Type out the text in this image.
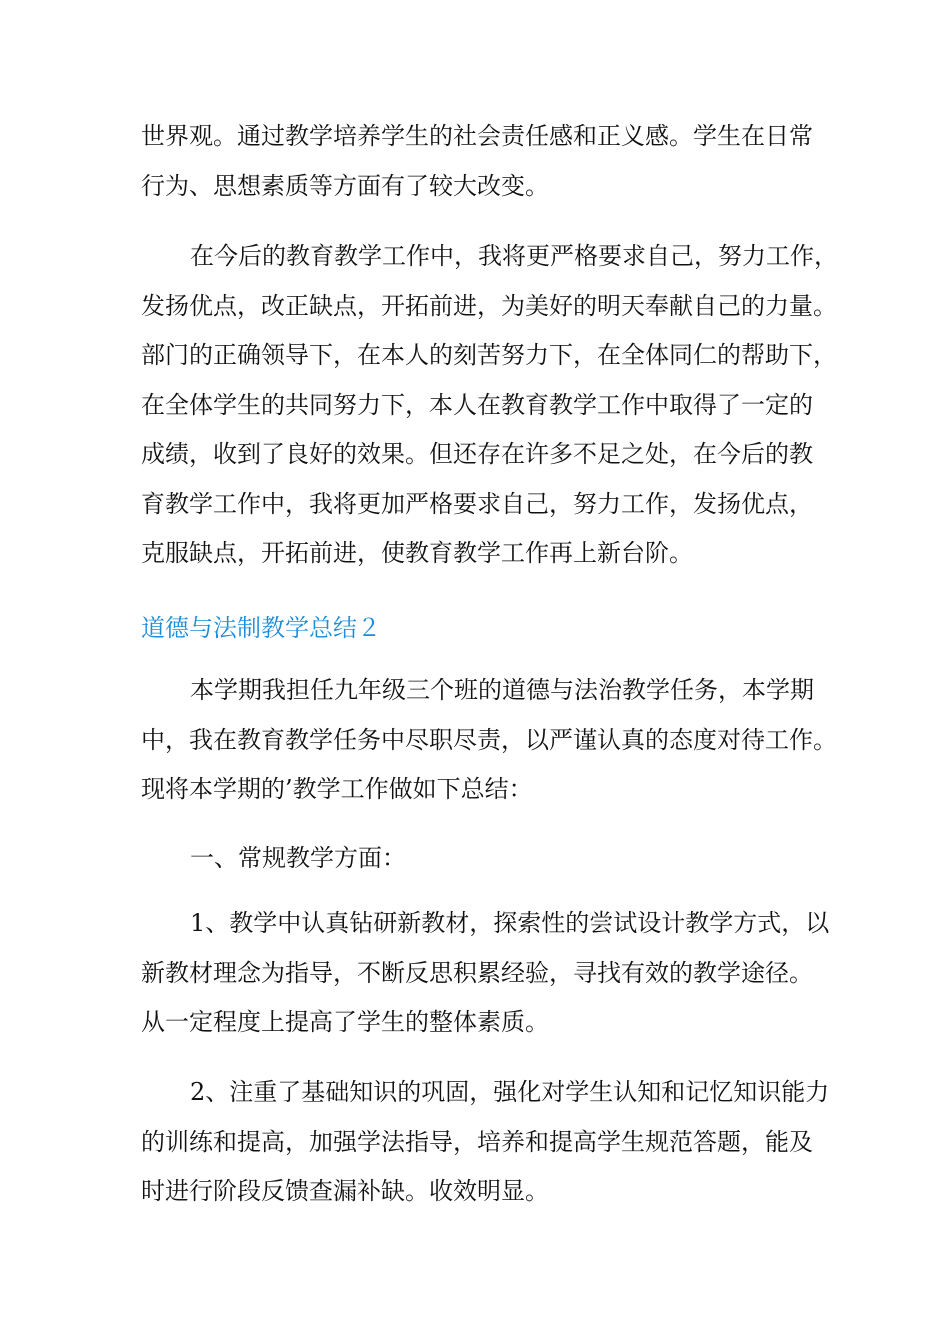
世界观。通过教学培养学生的社会责任感和正义感。学生在日常
行为、思想素质等方面有了较大改变。
在今后的教育教学工作中，我将更严格要求自己，努力工作，
发扬优点，改正缺点，开拓前进，为美好的明天奉献自己的力量。
部门的正确领导下，在本人的刻苦努力下，在全体同仁的帮助下，
在全体学生的共同努力下，本人在教育教学工作中取得了一定的
成绩，收到了良好的效果。但还存在许多不足之处，在今后的教
育教学工作中，我将更加严格要求自己，努力工作，发扬优点，
克服缺点，开拓前进，使教育教学工作再上新台阶。
道德与法制教学总结２
本学期我担任九年级三个班的道德与法治教学任务，本学期
中，我在教育教学任务中尽职尽责，以严谨认真的态度对待工作。
现将本学期的’教学工作做如下总结：
一、常规教学方面：
1、教学中认真钻研新教材，探索性的尝试设计教学方式，以
新教材理念为指导，不断反思积累经验，寻找有效的教学途径。
从一定程度上提高了学生的整体素质。
2、注重了基础知识的巩固，强化对学生认知和记忆知识能力
的训练和提高，加强学法指导，培养和提高学生规范答题，能及
时进行阶段反馈查漏补缺。收效明显。
